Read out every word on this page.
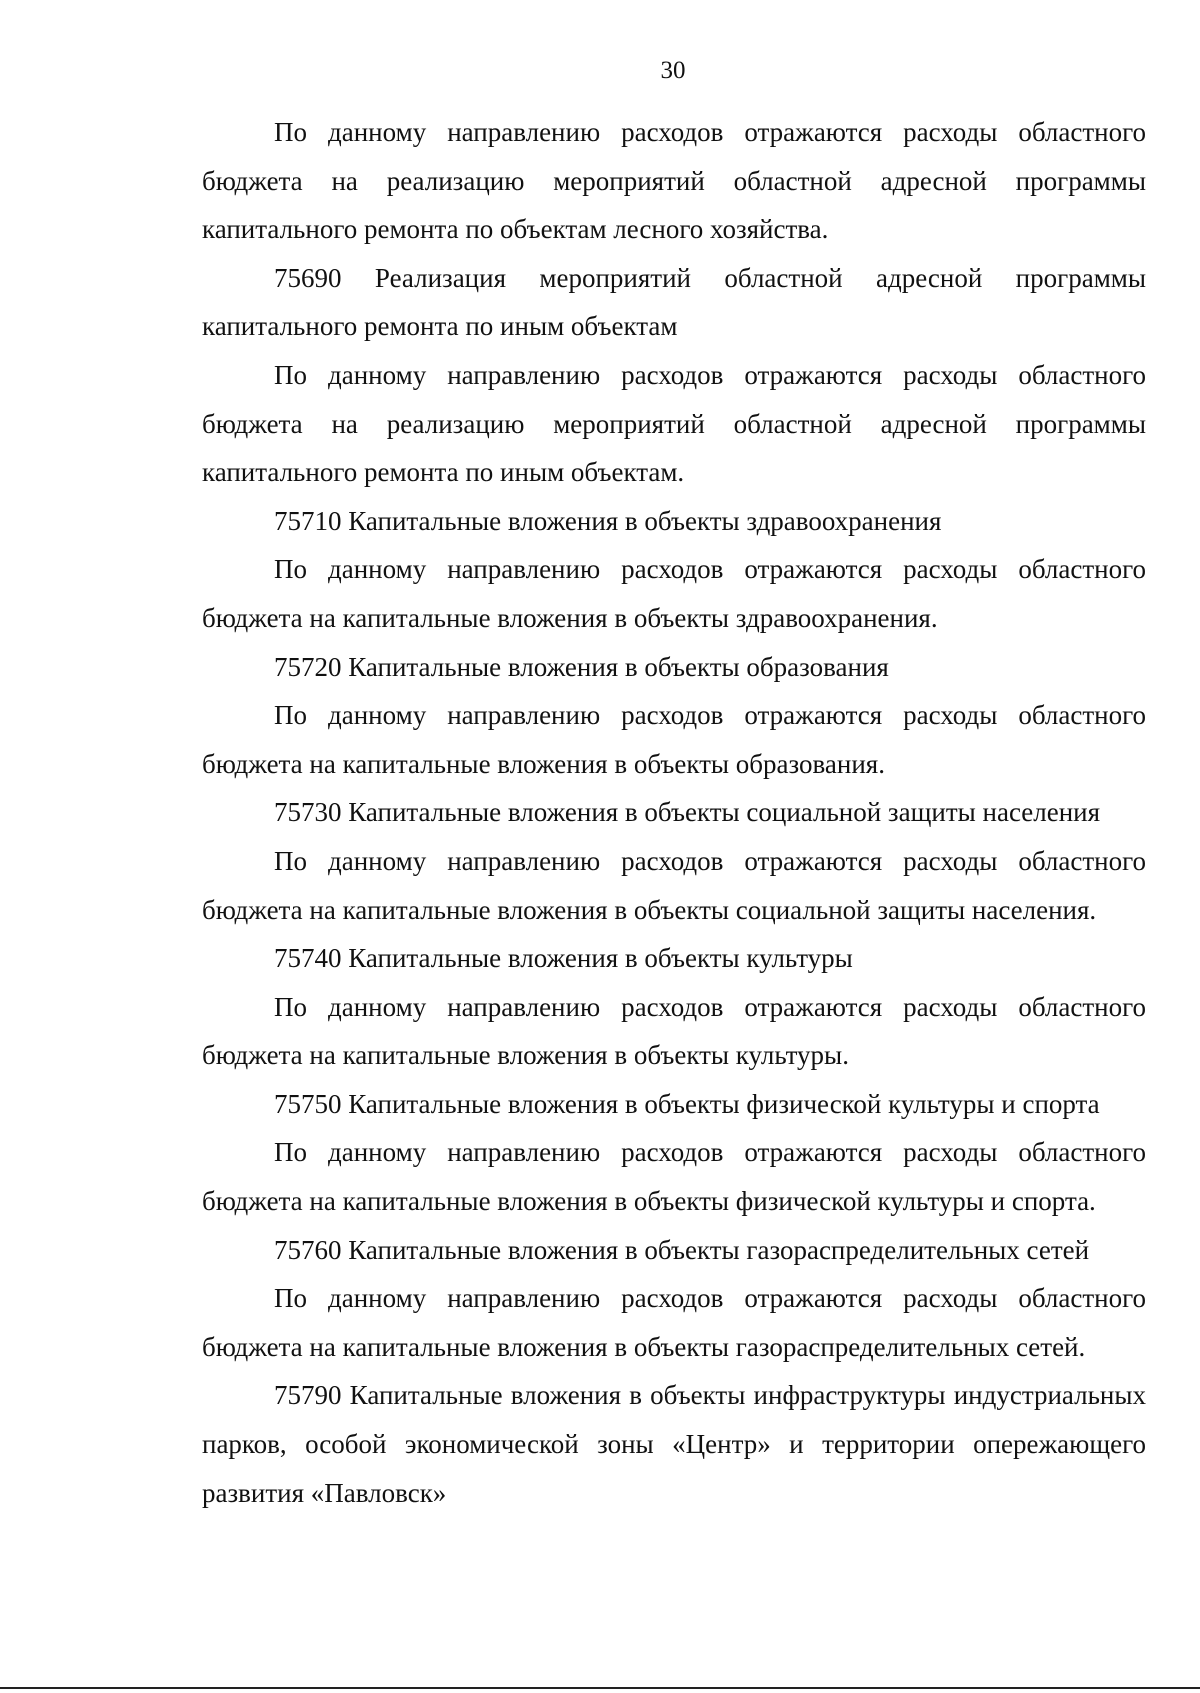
30

По данному направлению расходов отражаются расходы областного бюджета на реализацию мероприятий областной адресной программы капитального ремонта по объектам лесного хозяйства.

75690 Реализация мероприятий областной адресной программы капитального ремонта по иным объектам

По данному направлению расходов отражаются расходы областного бюджета на реализацию мероприятий областной адресной программы капитального ремонта по иным объектам.

75710 Капитальные вложения в объекты здравоохранения

По данному направлению расходов отражаются расходы областного бюджета на капитальные вложения в объекты здравоохранения.

75720 Капитальные вложения в объекты образования

По данному направлению расходов отражаются расходы областного бюджета на капитальные вложения в объекты образования.

75730 Капитальные вложения в объекты социальной защиты населения

По данному направлению расходов отражаются расходы областного бюджета на капитальные вложения в объекты социальной защиты населения.

75740 Капитальные вложения в объекты культуры

По данному направлению расходов отражаются расходы областного бюджета на капитальные вложения в объекты культуры.

75750 Капитальные вложения в объекты физической культуры и спорта

По данному направлению расходов отражаются расходы областного бюджета на капитальные вложения в объекты физической культуры и спорта.

75760 Капитальные вложения в объекты газораспределительных сетей

По данному направлению расходов отражаются расходы областного бюджета на капитальные вложения в объекты газораспределительных сетей.

75790 Капитальные вложения в объекты инфраструктуры индустриальных парков, особой экономической зоны «Центр» и территории опережающего развития «Павловск»
